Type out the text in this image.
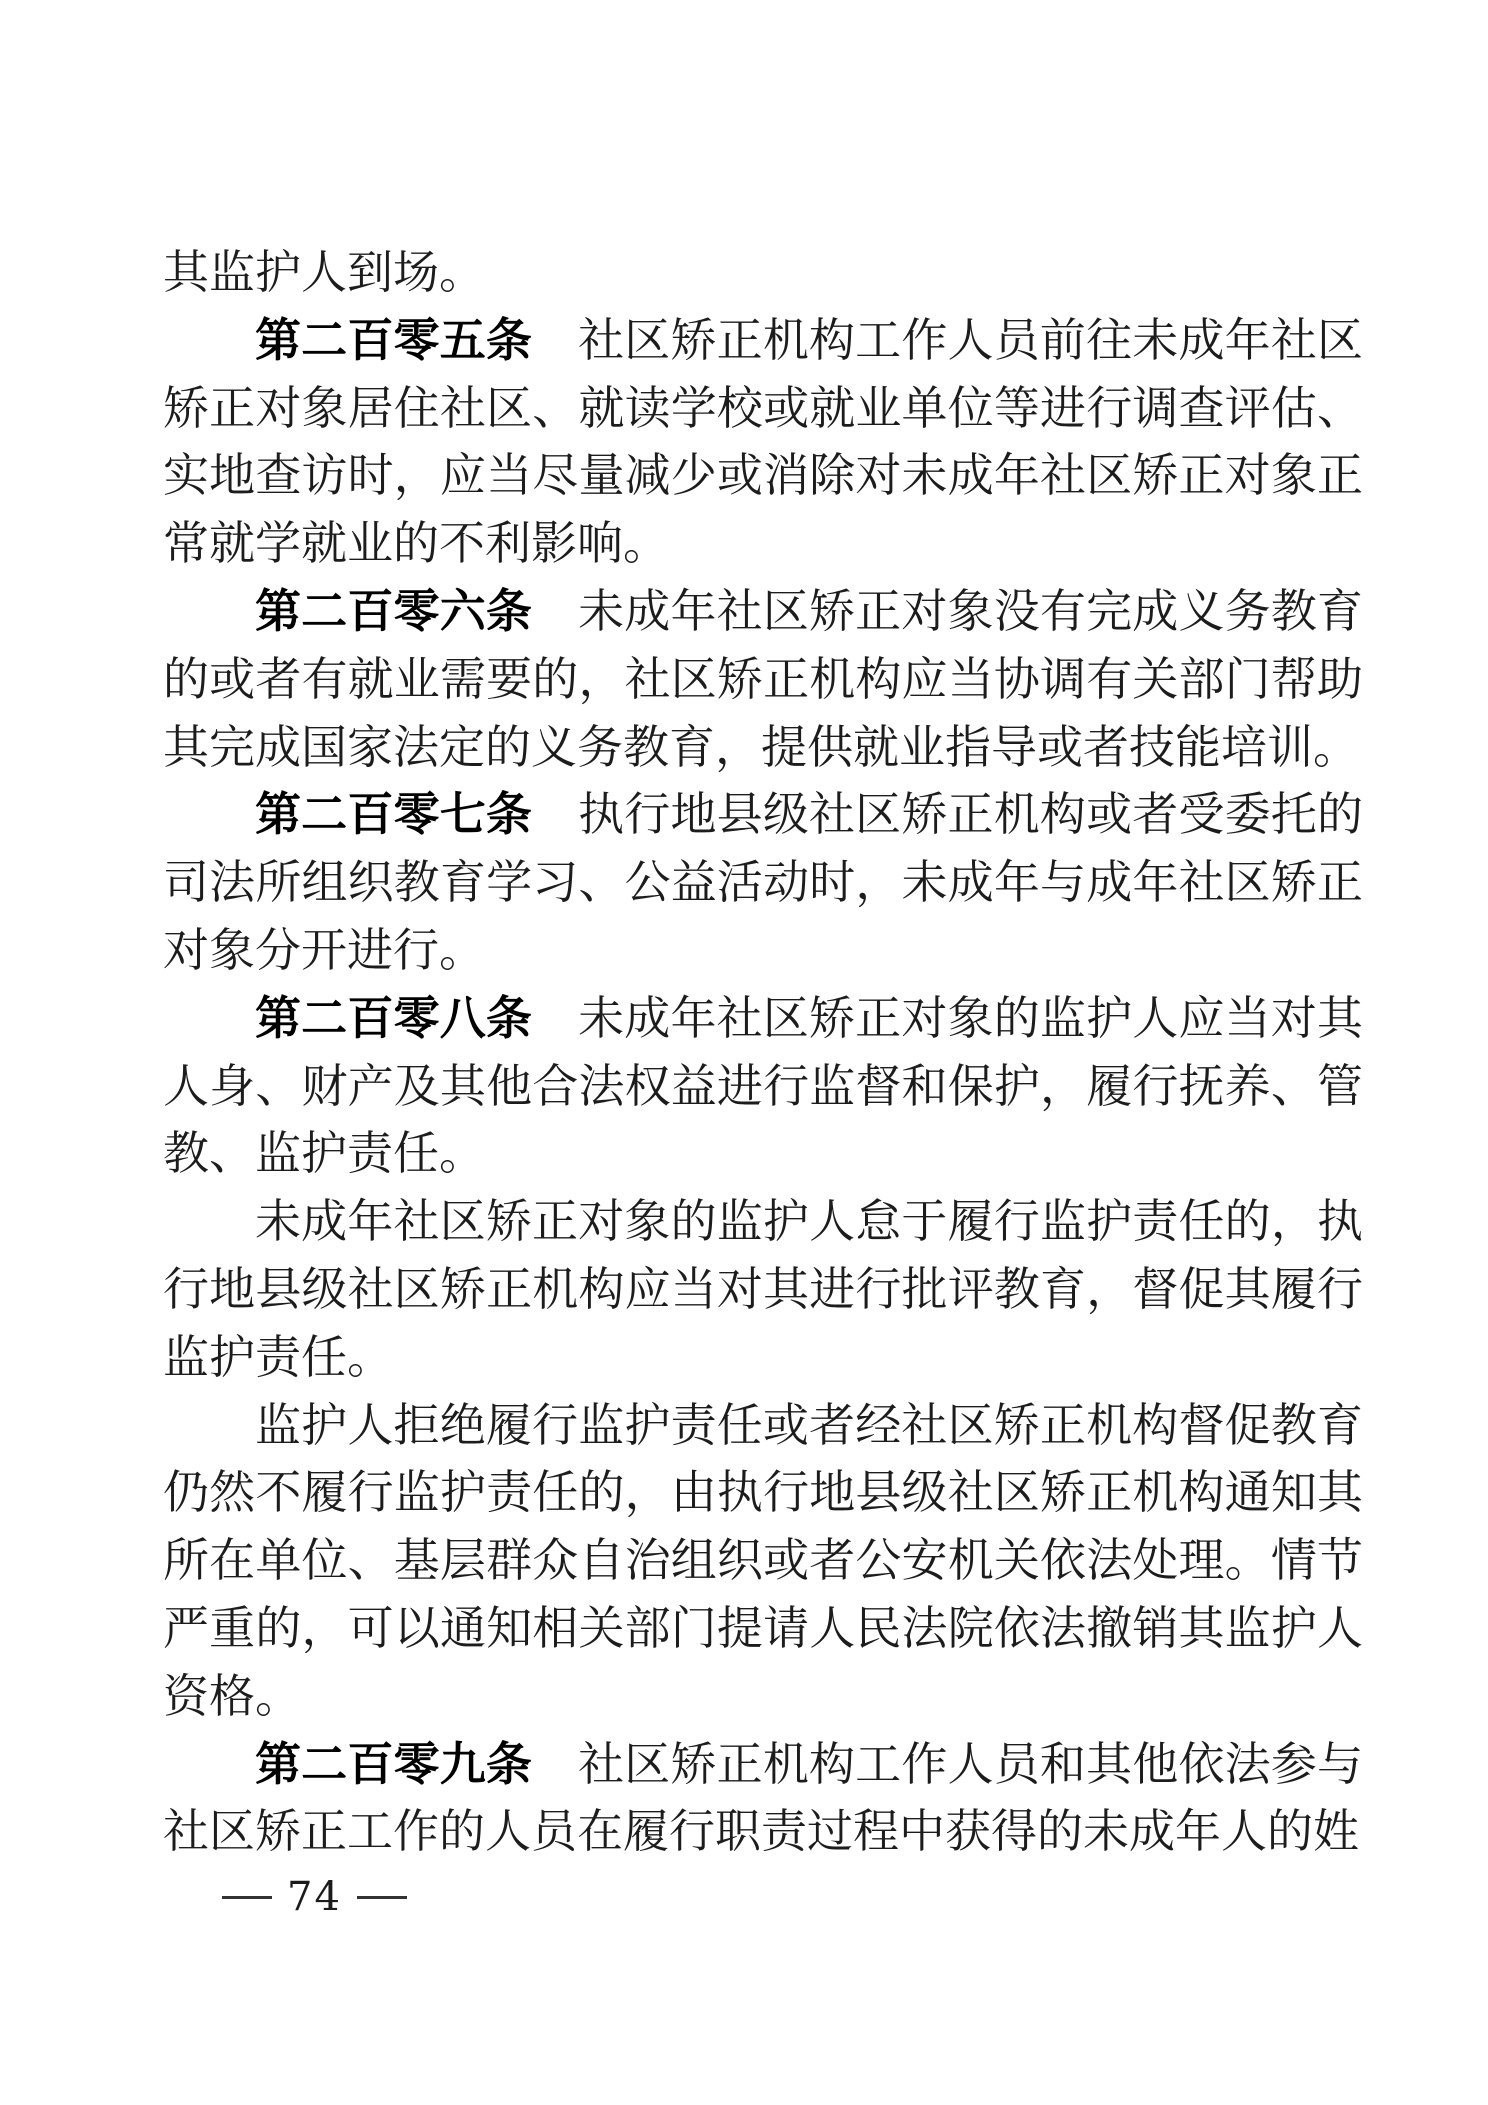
其监护人到场。

第二百零五条 社区矫正机构工作人员前往未成年社区矫正对象居住社区、就读学校或就业单位等进行调查评估、实地查访时，应当尽量减少或消除对未成年社区矫正对象正常就学就业的不利影响。

第二百零六条 未成年社区矫正对象没有完成义务教育的或者有就业需要的，社区矫正机构应当协调有关部门帮助其完成国家法定的义务教育，提供就业指导或者技能培训。

第二百零七条 执行地县级社区矫正机构或者受委托的司法所组织教育学习、公益活动时，未成年与成年社区矫正对象分开进行。

第二百零八条 未成年社区矫正对象的监护人应当对其人身、财产及其他合法权益进行监督和保护，履行抚养、管教、监护责任。

未成年社区矫正对象的监护人怠于履行监护责任的，执行地县级社区矫正机构应当对其进行批评教育，督促其履行监护责任。

监护人拒绝履行监护责任或者经社区矫正机构督促教育仍然不履行监护责任的，由执行地县级社区矫正机构通知其所在单位、基层群众自治组织或者公安机关依法处理。情节严重的，可以通知相关部门提请人民法院依法撤销其监护人资格。

第二百零九条 社区矫正机构工作人员和其他依法参与社区矫正工作的人员在履行职责过程中获得的未成年人的姓

74
